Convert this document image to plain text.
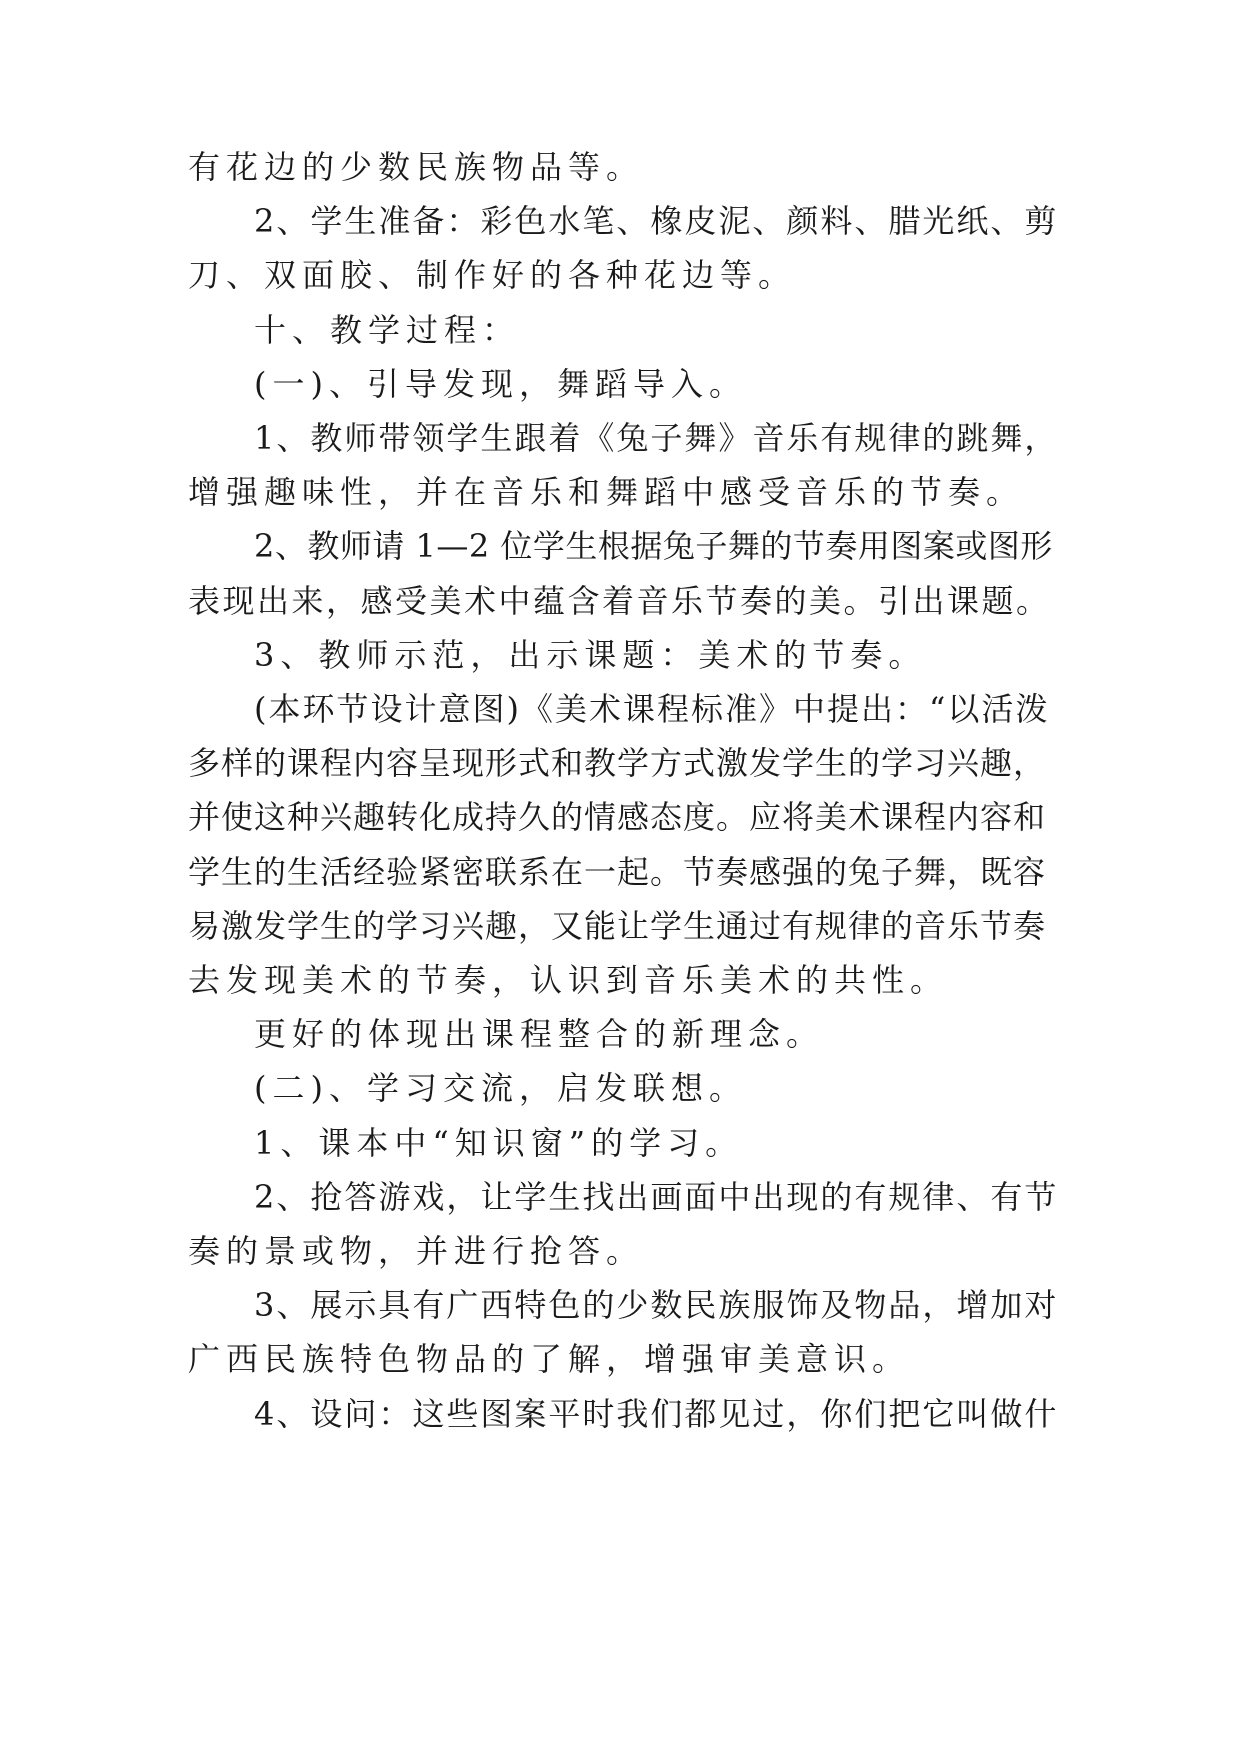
有花边的少数民族物品等。
2、学生准备：彩色水笔、橡皮泥、颜料、腊光纸、剪
刀、双面胶、制作好的各种花边等。
十、教学过程：
(一)、引导发现，舞蹈导入。
1、教师带领学生跟着《兔子舞》音乐有规律的跳舞，
增强趣味性，并在音乐和舞蹈中感受音乐的节奏。
2、教师请 1—2 位学生根据兔子舞的节奏用图案或图形
表现出来，感受美术中蕴含着音乐节奏的美。引出课题。
3、教师示范，出示课题：美术的节奏。
(本环节设计意图)《美术课程标准》中提出：“以活泼
多样的课程内容呈现形式和教学方式激发学生的学习兴趣，
并使这种兴趣转化成持久的情感态度。应将美术课程内容和
学生的生活经验紧密联系在一起。节奏感强的兔子舞，既容
易激发学生的学习兴趣，又能让学生通过有规律的音乐节奏
去发现美术的节奏，认识到音乐美术的共性。
更好的体现出课程整合的新理念。
(二)、学习交流，启发联想。
1、课本中“知识窗”的学习。
2、抢答游戏，让学生找出画面中出现的有规律、有节
奏的景或物，并进行抢答。
3、展示具有广西特色的少数民族服饰及物品，增加对
广西民族特色物品的了解，增强审美意识。
4、设问：这些图案平时我们都见过，你们把它叫做什
